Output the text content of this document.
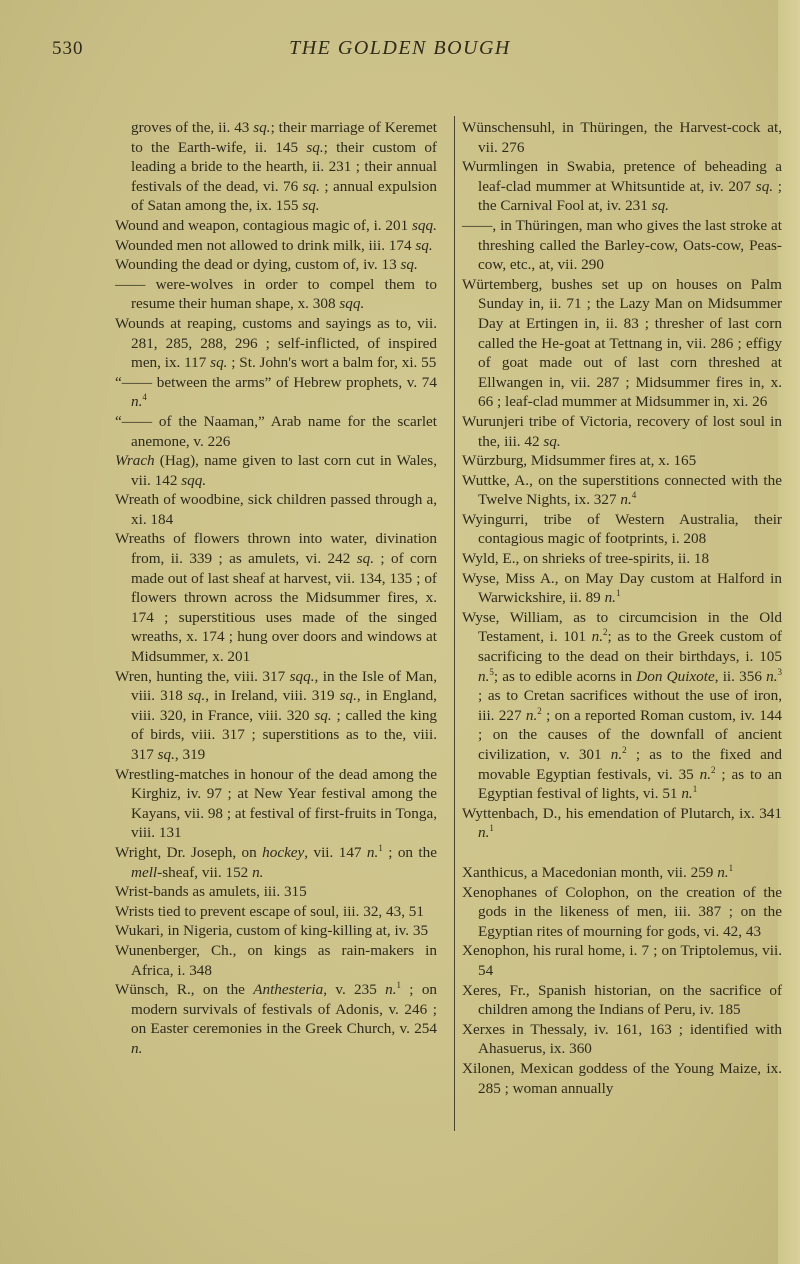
530	THE GOLDEN BOUGH

groves of the, ii. 43 sq.; their marriage of Keremet to the Earth-wife, ii. 145 sq.; their custom of leading a bride to the hearth, ii. 231 ; their annual festivals of the dead, vi. 76 sq. ; annual expulsion of Satan among the, ix. 155 sq.

Wound and weapon, contagious magic of, i. 201 sqq.

Wounded men not allowed to drink milk, iii. 174 sq.

Wounding the dead or dying, custom of, iv. 13 sq.

—— were-wolves in order to compel them to resume their human shape, x. 308 sqq.

Wounds at reaping, customs and sayings as to, vii. 281, 285, 288, 296 ; self-inflicted, of inspired men, ix. 117 sq. ; St. John's wort a balm for, xi. 55

“—— between the arms” of Hebrew prophets, v. 74 n.$^4$

“—— of the Naaman,” Arab name for the scarlet anemone, v. 226

Wrach (Hag), name given to last corn cut in Wales, vii. 142 sqq.

Wreath of woodbine, sick children passed through a, xi. 184

Wreaths of flowers thrown into water, divination from, ii. 339 ; as amulets, vi. 242 sq. ; of corn made out of last sheaf at harvest, vii. 134, 135 ; of flowers thrown across the Midsummer fires, x. 174 ; superstitious uses made of the singed wreaths, x. 174 ; hung over doors and windows at Midsummer, x. 201

Wren, hunting the, viii. 317 sqq., in the Isle of Man, viii. 318 sq., in Ireland, viii. 319 sq., in England, viii. 320, in France, viii. 320 sq. ; called the king of birds, viii. 317 ; superstitions as to the, viii. 317 sq., 319

Wrestling-matches in honour of the dead among the Kirghiz, iv. 97 ; at New Year festival among the Kayans, vii. 98 ; at festival of first-fruits in Tonga, viii. 131

Wright, Dr. Joseph, on hockey, vii. 147 n.$^1$ ; on the mell-sheaf, vii. 152 n.

Wrist-bands as amulets, iii. 315

Wrists tied to prevent escape of soul, iii. 32, 43, 51

Wukari, in Nigeria, custom of king-killing at, iv. 35

Wunenberger, Ch., on kings as rain-makers in Africa, i. 348

Wünsch, R., on the Anthesteria, v. 235 n.$^1$ ; on modern survivals of festivals of Adonis, v. 246 ; on Easter ceremonies in the Greek Church, v. 254 n.

Wünschensuhl, in Thüringen, the Harvest-cock at, vii. 276

Wurmlingen in Swabia, pretence of beheading a leaf-clad mummer at Whitsuntide at, iv. 207 sq. ; the Carnival Fool at, iv. 231 sq.

——, in Thüringen, man who gives the last stroke at threshing called the Barley-cow, Oats-cow, Peas-cow, etc., at, vii. 290

Würtemberg, bushes set up on houses on Palm Sunday in, ii. 71 ; the Lazy Man on Midsummer Day at Ertingen in, ii. 83 ; thresher of last corn called the He-goat at Tettnang in, vii. 286 ; effigy of goat made out of last corn threshed at Ellwangen in, vii. 287 ; Midsummer fires in, x. 66 ; leaf-clad mummer at Midsummer in, xi. 26

Wurunjeri tribe of Victoria, recovery of lost soul in the, iii. 42 sq.

Würzburg, Midsummer fires at, x. 165

Wuttke, A., on the superstitions connected with the Twelve Nights, ix. 327 n.$^4$

Wyingurri, tribe of Western Australia, their contagious magic of footprints, i. 208

Wyld, E., on shrieks of tree-spirits, ii. 18

Wyse, Miss A., on May Day custom at Halford in Warwickshire, ii. 89 n.$^1$

Wyse, William, as to circumcision in the Old Testament, i. 101 n.$^2$; as to the Greek custom of sacrificing to the dead on their birthdays, i. 105 n.$^5$; as to edible acorns in Don Quixote, ii. 356 n.$^3$ ; as to Cretan sacrifices without the use of iron, iii. 227 n.$^2$ ; on a reported Roman custom, iv. 144 ; on the causes of the downfall of ancient civilization, v. 301 n.$^2$ ; as to the fixed and movable Egyptian festivals, vi. 35 n.$^2$ ; as to an Egyptian festival of lights, vi. 51 n.$^1$

Wyttenbach, D., his emendation of Plutarch, ix. 341 n.$^1$

Xanthicus, a Macedonian month, vii. 259 n.$^1$

Xenophanes of Colophon, on the creation of the gods in the likeness of men, iii. 387 ; on the Egyptian rites of mourning for gods, vi. 42, 43

Xenophon, his rural home, i. 7 ; on Triptolemus, vii. 54

Xeres, Fr., Spanish historian, on the sacrifice of children among the Indians of Peru, iv. 185

Xerxes in Thessaly, iv. 161, 163 ; identified with Ahasuerus, ix. 360

Xilonen, Mexican goddess of the Young Maize, ix. 285 ; woman annually
